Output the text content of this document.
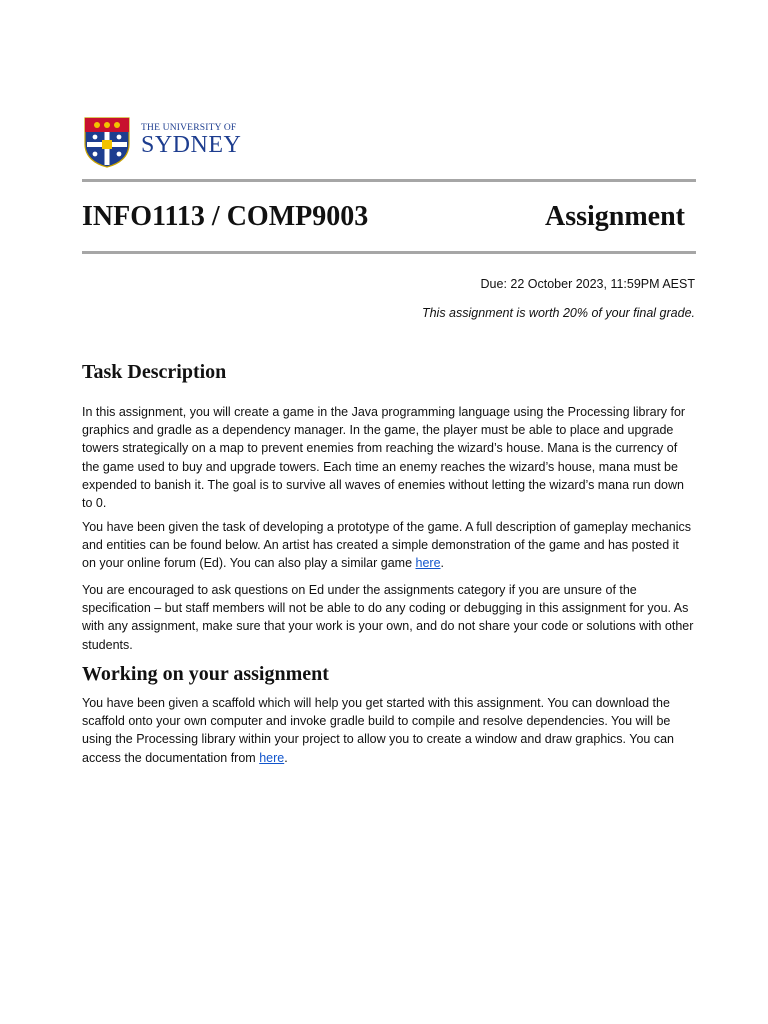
THE UNIVERSITY OF
SYDNEY
INFO1113 / COMP9003	Assignment
Due: 22 October 2023, 11:59PM AEST
This assignment is worth 20% of your final grade.
Task Description
In this assignment, you will create a game in the Java programming language using the Processing library for graphics and gradle as a dependency manager. In the game, the player must be able to place and upgrade towers strategically on a map to prevent enemies from reaching the wizard’s house. Mana is the currency of the game used to buy and upgrade towers. Each time an enemy reaches the wizard’s house, mana must be expended to banish it. The goal is to survive all waves of enemies without letting the wizard’s mana run down to 0.
You have been given the task of developing a prototype of the game. A full description of gameplay mechanics and entities can be found below. An artist has created a simple demonstration of the game and has posted it on your online forum (Ed). You can also play a similar game here.
You are encouraged to ask questions on Ed under the assignments category if you are unsure of the specification – but staff members will not be able to do any coding or debugging in this assignment for you. As with any assignment, make sure that your work is your own, and do not share your code or solutions with other students.
Working on your assignment
You have been given a scaffold which will help you get started with this assignment. You can download the scaffold onto your own computer and invoke gradle build to compile and resolve dependencies. You will be using the Processing library within your project to allow you to create a window and draw graphics. You can access the documentation from here.
